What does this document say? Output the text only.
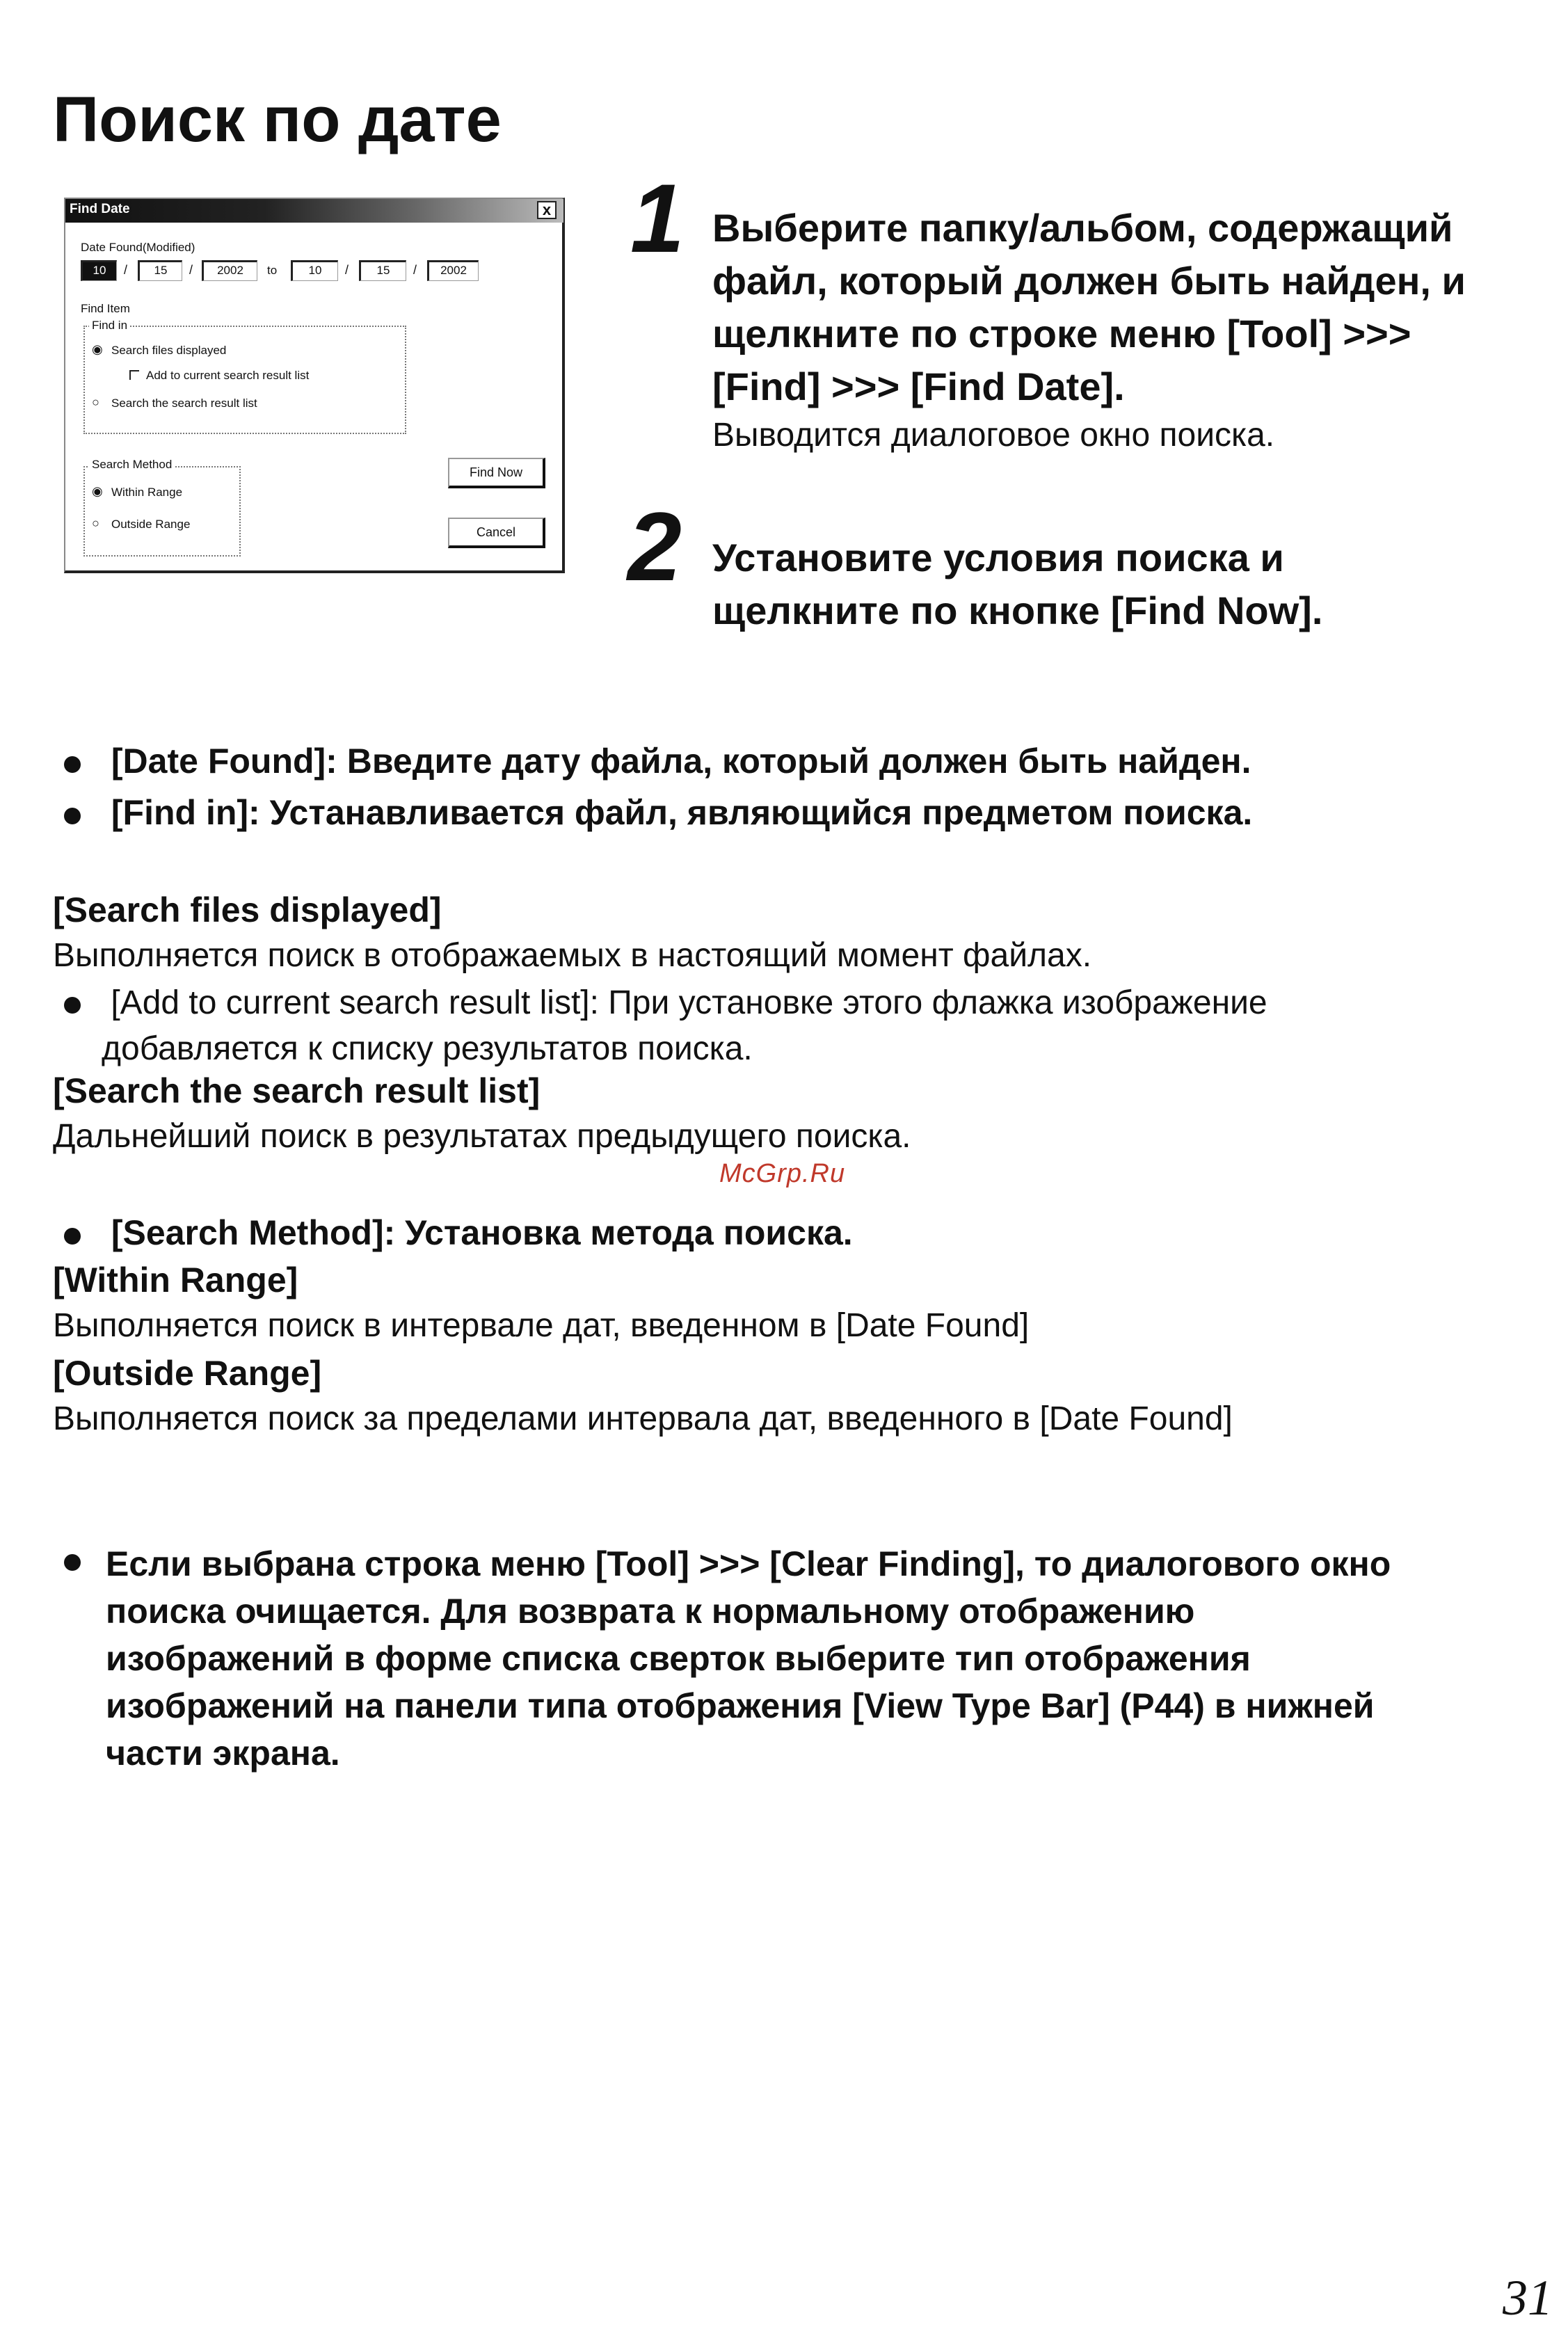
Поиск по дате
Find Date	x
Date Found(Modified)
10	/	15	/	2002	to	10	/	15	/	2002
Find Item
Find in
◉ Search files displayed
Add to current search result list
○ Search the search result list
Search Method
◉ Within Range
○ Outside Range
Find Now
Cancel
1 Выберите папку/альбом, содержащий
файл, который должен быть найден, и
щелкните по строке меню [Tool] >>>
[Find] >>> [Find Date].
Выводится диалоговое окно поиска.
2 Установите условия поиска и
щелкните по кнопке [Find Now].
[Date Found]: Введите дату файла, который должен быть найден.
[Find in]: Устанавливается файл, являющийся предметом поиска.
[Search files displayed]
Выполняется поиск в отображаемых в настоящий момент файлах.
[Add to current search result list]: При установке этого флажка изображение
добавляется к списку результатов поиска.
[Search the search result list]
Дальнейший поиск в результатах предыдущего поиска.
McGrp.Ru
[Search Method]: Установка метода поиска.
[Within Range]
Выполняется поиск в интервале дат, введенном в [Date Found]
[Outside Range]
Выполняется поиск за пределами интервала дат, введенного в [Date Found]
Если выбрана строка меню [Tool] >>> [Clear Finding], то диалогового окно
поиска очищается. Для возврата к нормальному отображению
изображений в форме списка сверток выберите тип отображения
изображений на панели типа отображения [View Type Bar] (P44) в нижней
части экрана.
31
